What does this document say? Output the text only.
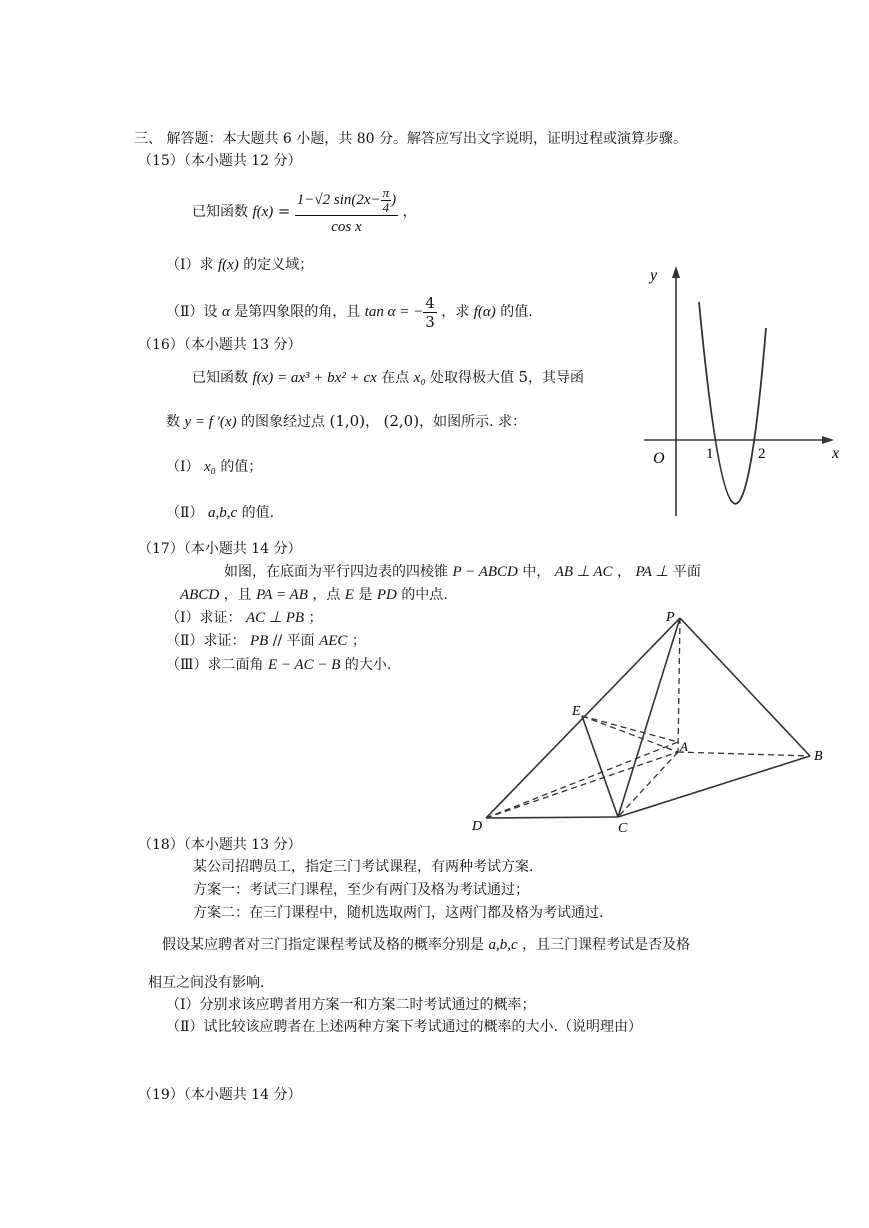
三、 解答题：本大题共 6 小题，共 80 分。解答应写出文字说明，证明过程或演算步骤。
（15）（本小题共 12 分）
已知函数 $f(x) = \frac{1-√2 \sin(2x- \frac{\pi}{4} )}{\text{cos x}}$ ，
（Ⅰ）求 f(x) 的定义域；
（Ⅱ）设 α 是第四象限的角，且 tan α = − $\frac{4}{3}$ ，求 f(α) 的值.
（16）（本小题共 13 分）
已知函数 f(x) = ax³ + bx² + cx 在点 x₀ 处取得极大值 5，其导函
数 y = f ′(x) 的图象经过点 (1,0)， (2,0)，如图所示. 求：
（Ⅰ） x₀ 的值；
（Ⅱ） a,b,c 的值.
y
x
O	1	2
（17）（本小题共 14 分）
如图，在底面为平行四边表的四棱锥 P − ABCD 中， AB ⊥ AC ， PA ⊥ 平面
ABCD ，且 PA = AB ，点 E 是 PD 的中点.
（Ⅰ）求证： AC ⊥ PB ；
（Ⅱ）求证： PB // 平面 AEC ；
（Ⅲ）求二面角 E − AC − B 的大小.
P
E
A
B
D	C
（18）（本小题共 13 分）
某公司招聘员工，指定三门考试课程，有两种考试方案.
方案一：考试三门课程，至少有两门及格为考试通过；
方案二：在三门课程中，随机选取两门，这两门都及格为考试通过.
假设某应聘者对三门指定课程考试及格的概率分别是 a,b,c ，且三门课程考试是否及格
相互之间没有影响.
（Ⅰ）分别求该应聘者用方案一和方案二时考试通过的概率；
（Ⅱ）试比较该应聘者在上述两种方案下考试通过的概率的大小.（说明理由）
（19）（本小题共 14 分）
